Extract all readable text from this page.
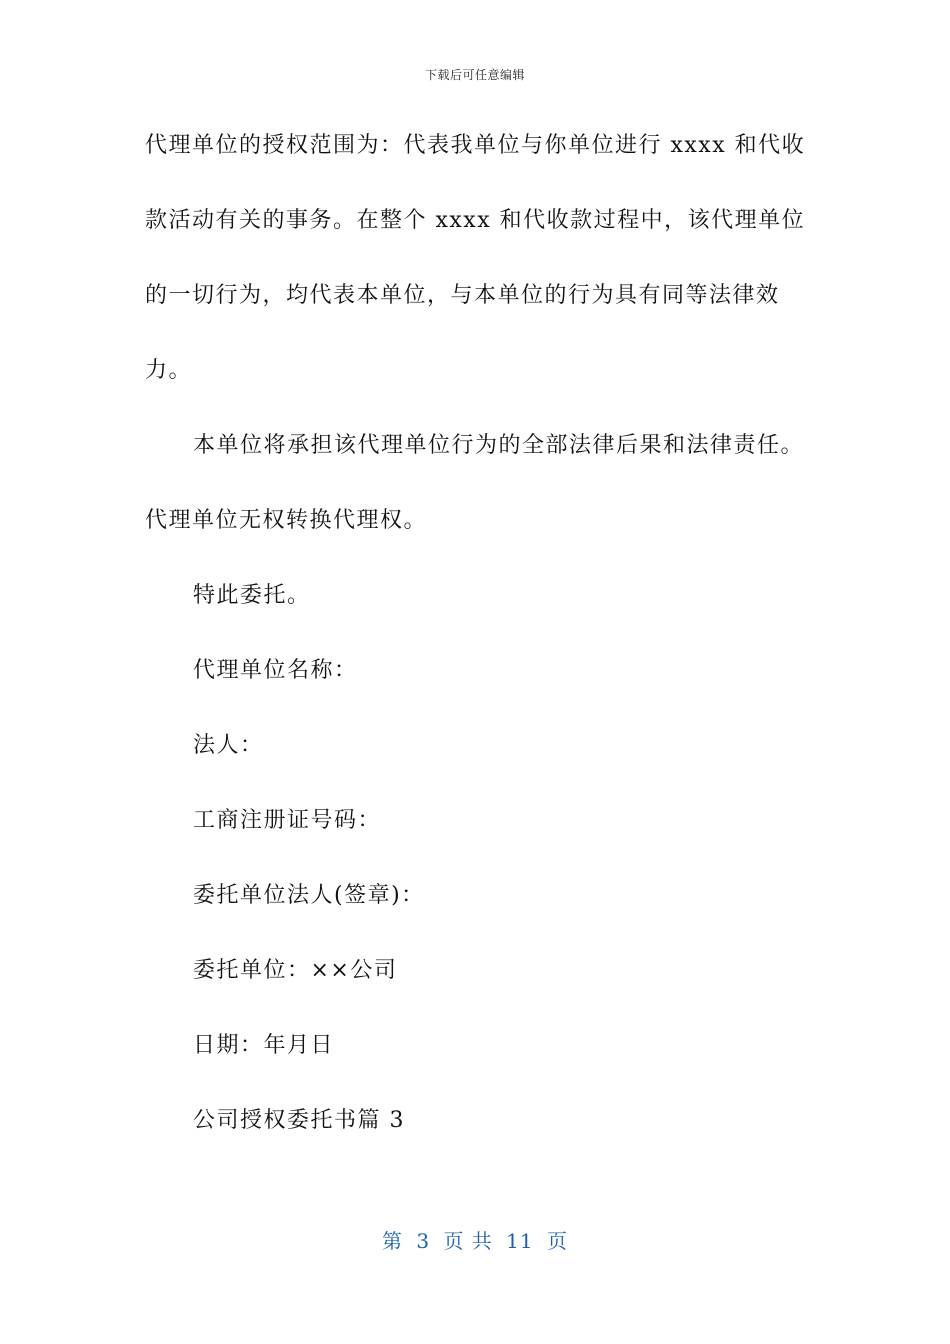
下载后可任意编辑
代理单位的授权范围为：代表我单位与你单位进行 xxxx 和代收
款活动有关的事务。在整个 xxxx 和代收款过程中，该代理单位
的一切行为，均代表本单位，与本单位的行为具有同等法律效
力。
本单位将承担该代理单位行为的全部法律后果和法律责任。
代理单位无权转换代理权。
特此委托。
代理单位名称：
法人：
工商注册证号码：
委托单位法人(签章)：
委托单位：××公司
日期：年月日
公司授权委托书篇 3
第 3 页 共 11 页
